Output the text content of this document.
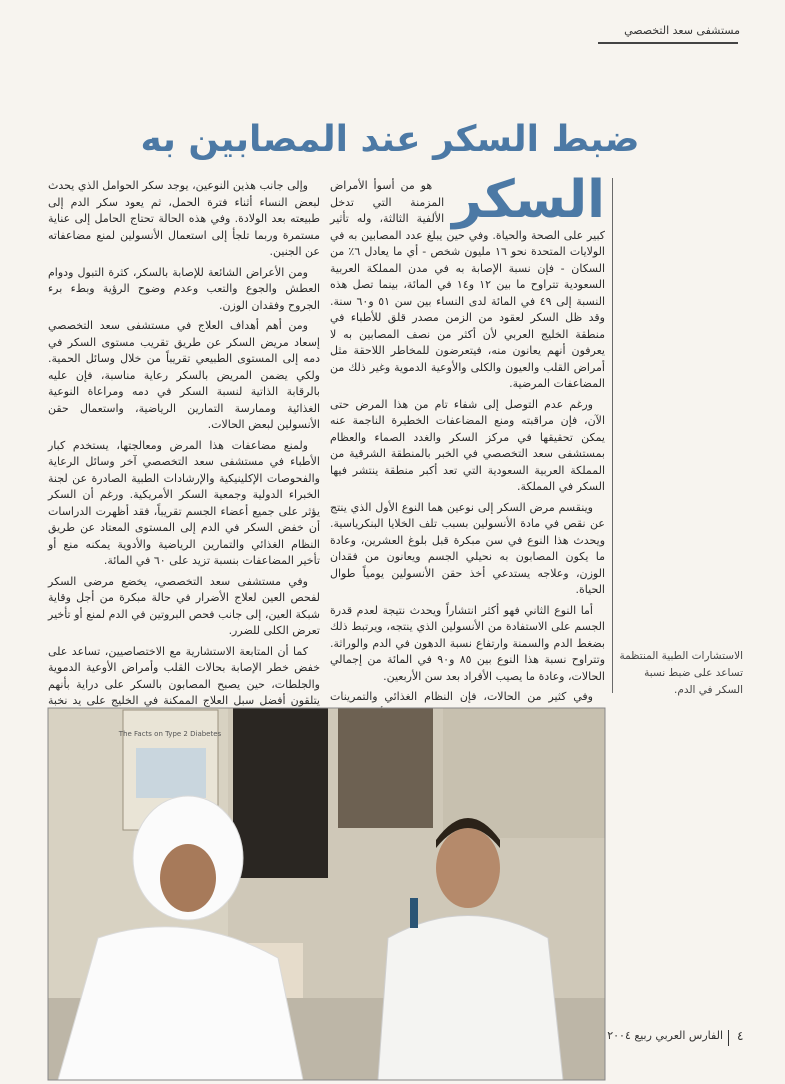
مستشفى سعد التخصصي
ضبط السكر عند المصابين به
السكر

هو من أسوأ الأمراض المزمنة التي تدخل الألفية الثالثة، وله تأثير كبير على الصحة والحياة. وفي حين يبلغ عدد المصابين به في الولايات المتحدة نحو ١٦ مليون شخص - أي ما يعادل ٦٪ من السكان - فإن نسبة الإصابة به في مدن المملكة العربية السعودية تتراوح ما بين ١٢ و١٤ في المائة، بينما تصل هذه النسبة إلى ٤٩ في المائة لدى النساء بين سن ٥١ و٦٠ سنة. وقد ظل السكر لعقود من الزمن مصدر قلق للأطباء في منطقة الخليج العربي لأن أكثر من نصف المصابين به لا يعرفون أنهم يعانون منه، فيتعرضون للمخاطر اللاحقة مثل أمراض القلب والعيون والكلى والأوعية الدموية وغير ذلك من المضاعفات المرضية.

ورغم عدم التوصل إلى شفاء تام من هذا المرض حتى الآن، فإن مراقبته ومنع المضاعفات الخطيرة الناجمة عنه يمكن تحقيقها في مركز السكر والغدد الصماء والعظام بمستشفى سعد التخصصي في الخبر بالمنطقة الشرقية من المملكة العربية السعودية التي تعد أكبر منطقة ينتشر فيها السكر في المملكة.

وينقسم مرض السكر إلى نوعين هما النوع الأول الذي ينتج عن نقص في مادة الأنسولين بسبب تلف الخلايا البنكرياسية. ويحدث هذا النوع في سن مبكرة قبل بلوغ العشرين، وعادة ما يكون المصابون به نحيلي الجسم ويعانون من فقدان الوزن، وعلاجه يستدعي أخذ حقن الأنسولين يومياً طوال الحياة.

أما النوع الثاني فهو أكثر انتشاراً ويحدث نتيجة لعدم قدرة الجسم على الاستفادة من الأنسولين الذي ينتجه، ويرتبط ذلك بضغط الدم والسمنة وارتفاع نسبة الدهون في الدم والوراثة. وتتراوح نسبة هذا النوع بين ٨٥ و٩٠ في المائة من إجمالي الحالات، وعادة ما يصيب الأفراد بعد سن الأربعين.

وفي كثير من الحالات، فإن النظام الغذائي والتمرينات

وإلى جانب هذين النوعين، يوجد سكر الحوامل الذي يحدث لبعض النساء أثناء فترة الحمل، ثم يعود سكر الدم إلى طبيعته بعد الولادة. وفي هذه الحالة تحتاج الحامل إلى عناية مستمرة وربما تلجأ إلى استعمال الأنسولين لمنع مضاعفاته عن الجنين.

ومن الأعراض الشائعة للإصابة بالسكر، كثرة التبول ودوام العطش والجوع والتعب وعدم وضوح الرؤية وبطء برء الجروح وفقدان الوزن.

ومن أهم أهداف العلاج في مستشفى سعد التخصصي إسعاد مريض السكر عن طريق تقريب مستوى السكر في دمه إلى المستوى الطبيعي تقريباً من خلال وسائل الحمية. ولكي يضمن المريض بالسكر رعاية مناسبة، فإن عليه بالرقابة الذاتية لنسبة السكر في دمه ومراعاة النوعية الغذائية وممارسة التمارين الرياضية، واستعمال حقن الأنسولين لبعض الحالات.

ولمنع مضاعفات هذا المرض ومعالجتها، يستخدم كبار الأطباء في مستشفى سعد التخصصي آخر وسائل الرعاية والفحوصات الإكلينيكية والإرشادات الطبية الصادرة عن لجنة الخبراء الدولية وجمعية السكر الأمريكية. ورغم أن السكر يؤثر على جميع أعضاء الجسم تقريباً، فقد أظهرت الدراسات أن خفض السكر في الدم إلى المستوى المعتاد عن طريق النظام الغذائي والتمارين الرياضية والأدوية يمكنه منع أو تأخير المضاعفات بنسبة تزيد على ٦٠ في المائة.

وفي مستشفى سعد التخصصي، يخضع مرضى السكر لفحص العين لعلاج الأضرار في حالة مبكرة من أجل وقاية شبكة العين، إلى جانب فحص البروتين في الدم لمنع أو تأخير تعرض الكلى للضرر.

كما أن المتابعة الاستشارية مع الاختصاصيين، تساعد على خفض خطر الإصابة بحالات القلب وأمراض الأوعية الدموية والجلطات، حين يصبح المصابون بالسكر على دراية بأنهم يتلقون أفضل سبل العلاج الممكنة في الخليج على يد نخبة

الاستشارات الطبية المنتظمة تساعد على ضبط نسبة السكر في الدم.
The Facts on Type 2 Diabetes
الفارس العربي ربيع ٢٠٠٤	٤
